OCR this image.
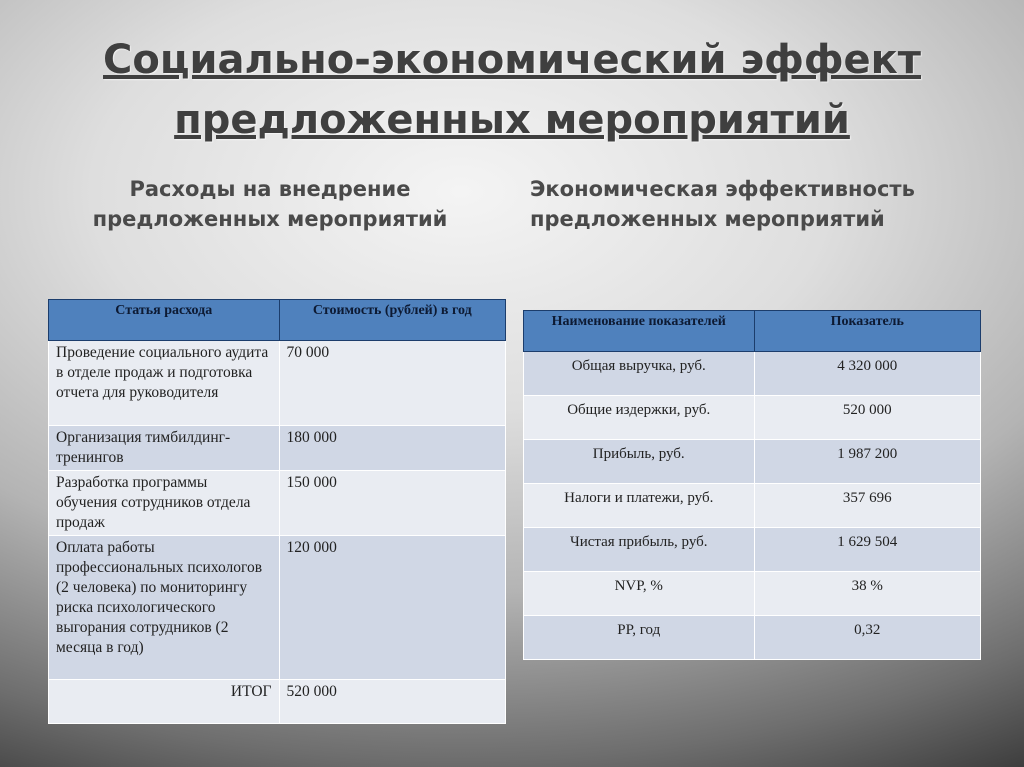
Социально-экономический эффект
предложенных мероприятий
Расходы на внедрение
предложенных мероприятий
Экономическая эффективность
предложенных мероприятий
Статья расхода	Стоимость (рублей) в год
Проведение социального аудита в отделе продаж и подготовка отчета для руководителя	70 000
Организация тимбилдинг-тренингов	180 000
Разработка программы обучения сотрудников отдела продаж	150 000
Оплата работы профессиональных психологов (2 человека) по мониторингу риска психологического выгорания сотрудников (2 месяца в год)	120 000
ИТОГ	520 000
Наименование показателей	Показатель
Общая выручка, руб.	4 320 000
Общие издержки, руб.	520 000
Прибыль, руб.	1 987 200
Налоги и платежи, руб.	357 696
Чистая прибыль, руб.	1 629 504
NVP, %	38 %
PP, год	0,32
